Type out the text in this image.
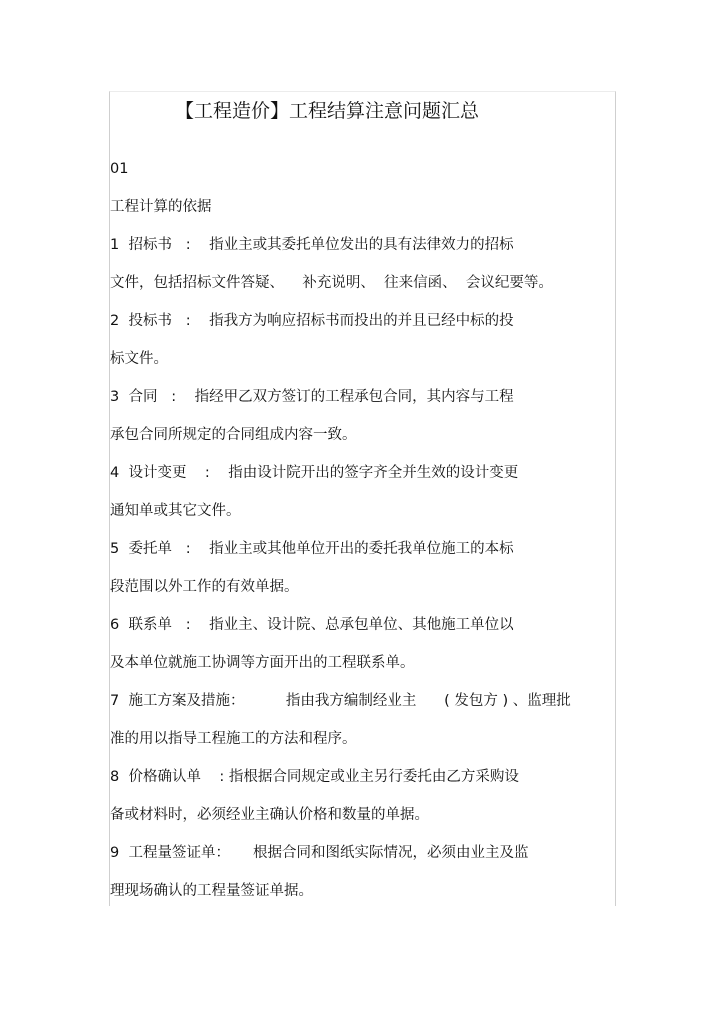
【工程造价】工程结算注意问题汇总
01
工程计算的依据
1  招标书   :    指业主或其委托单位发出的具有法律效力的招标
文件，包括招标文件答疑、    补充说明、  往来信函、  会议纪要等。
2  投标书   :    指我方为响应招标书而投出的并且已经中标的投
标文件。
3  合同   :    指经甲乙双方签订的工程承包合同，其内容与工程
承包合同所规定的合同组成内容一致。
4  设计变更    :    指由设计院开出的签字齐全并生效的设计变更
通知单或其它文件。
5  委托单   :    指业主或其他单位开出的委托我单位施工的本标
段范围以外工作的有效单据。
6  联系单   :    指业主、设计院、总承包单位、其他施工单位以
及本单位就施工协调等方面开出的工程联系单。
7  施工方案及措施：         指由我方编制经业主      ( 发包方 ) 、监理批
准的用以指导工程施工的方法和程序。
8  价格确认单    : 指根据合同规定或业主另行委托由乙方采购设
备或材料时，必须经业主确认价格和数量的单据。
9  工程量签证单：     根据合同和图纸实际情况，必须由业主及监
理现场确认的工程量签证单据。
